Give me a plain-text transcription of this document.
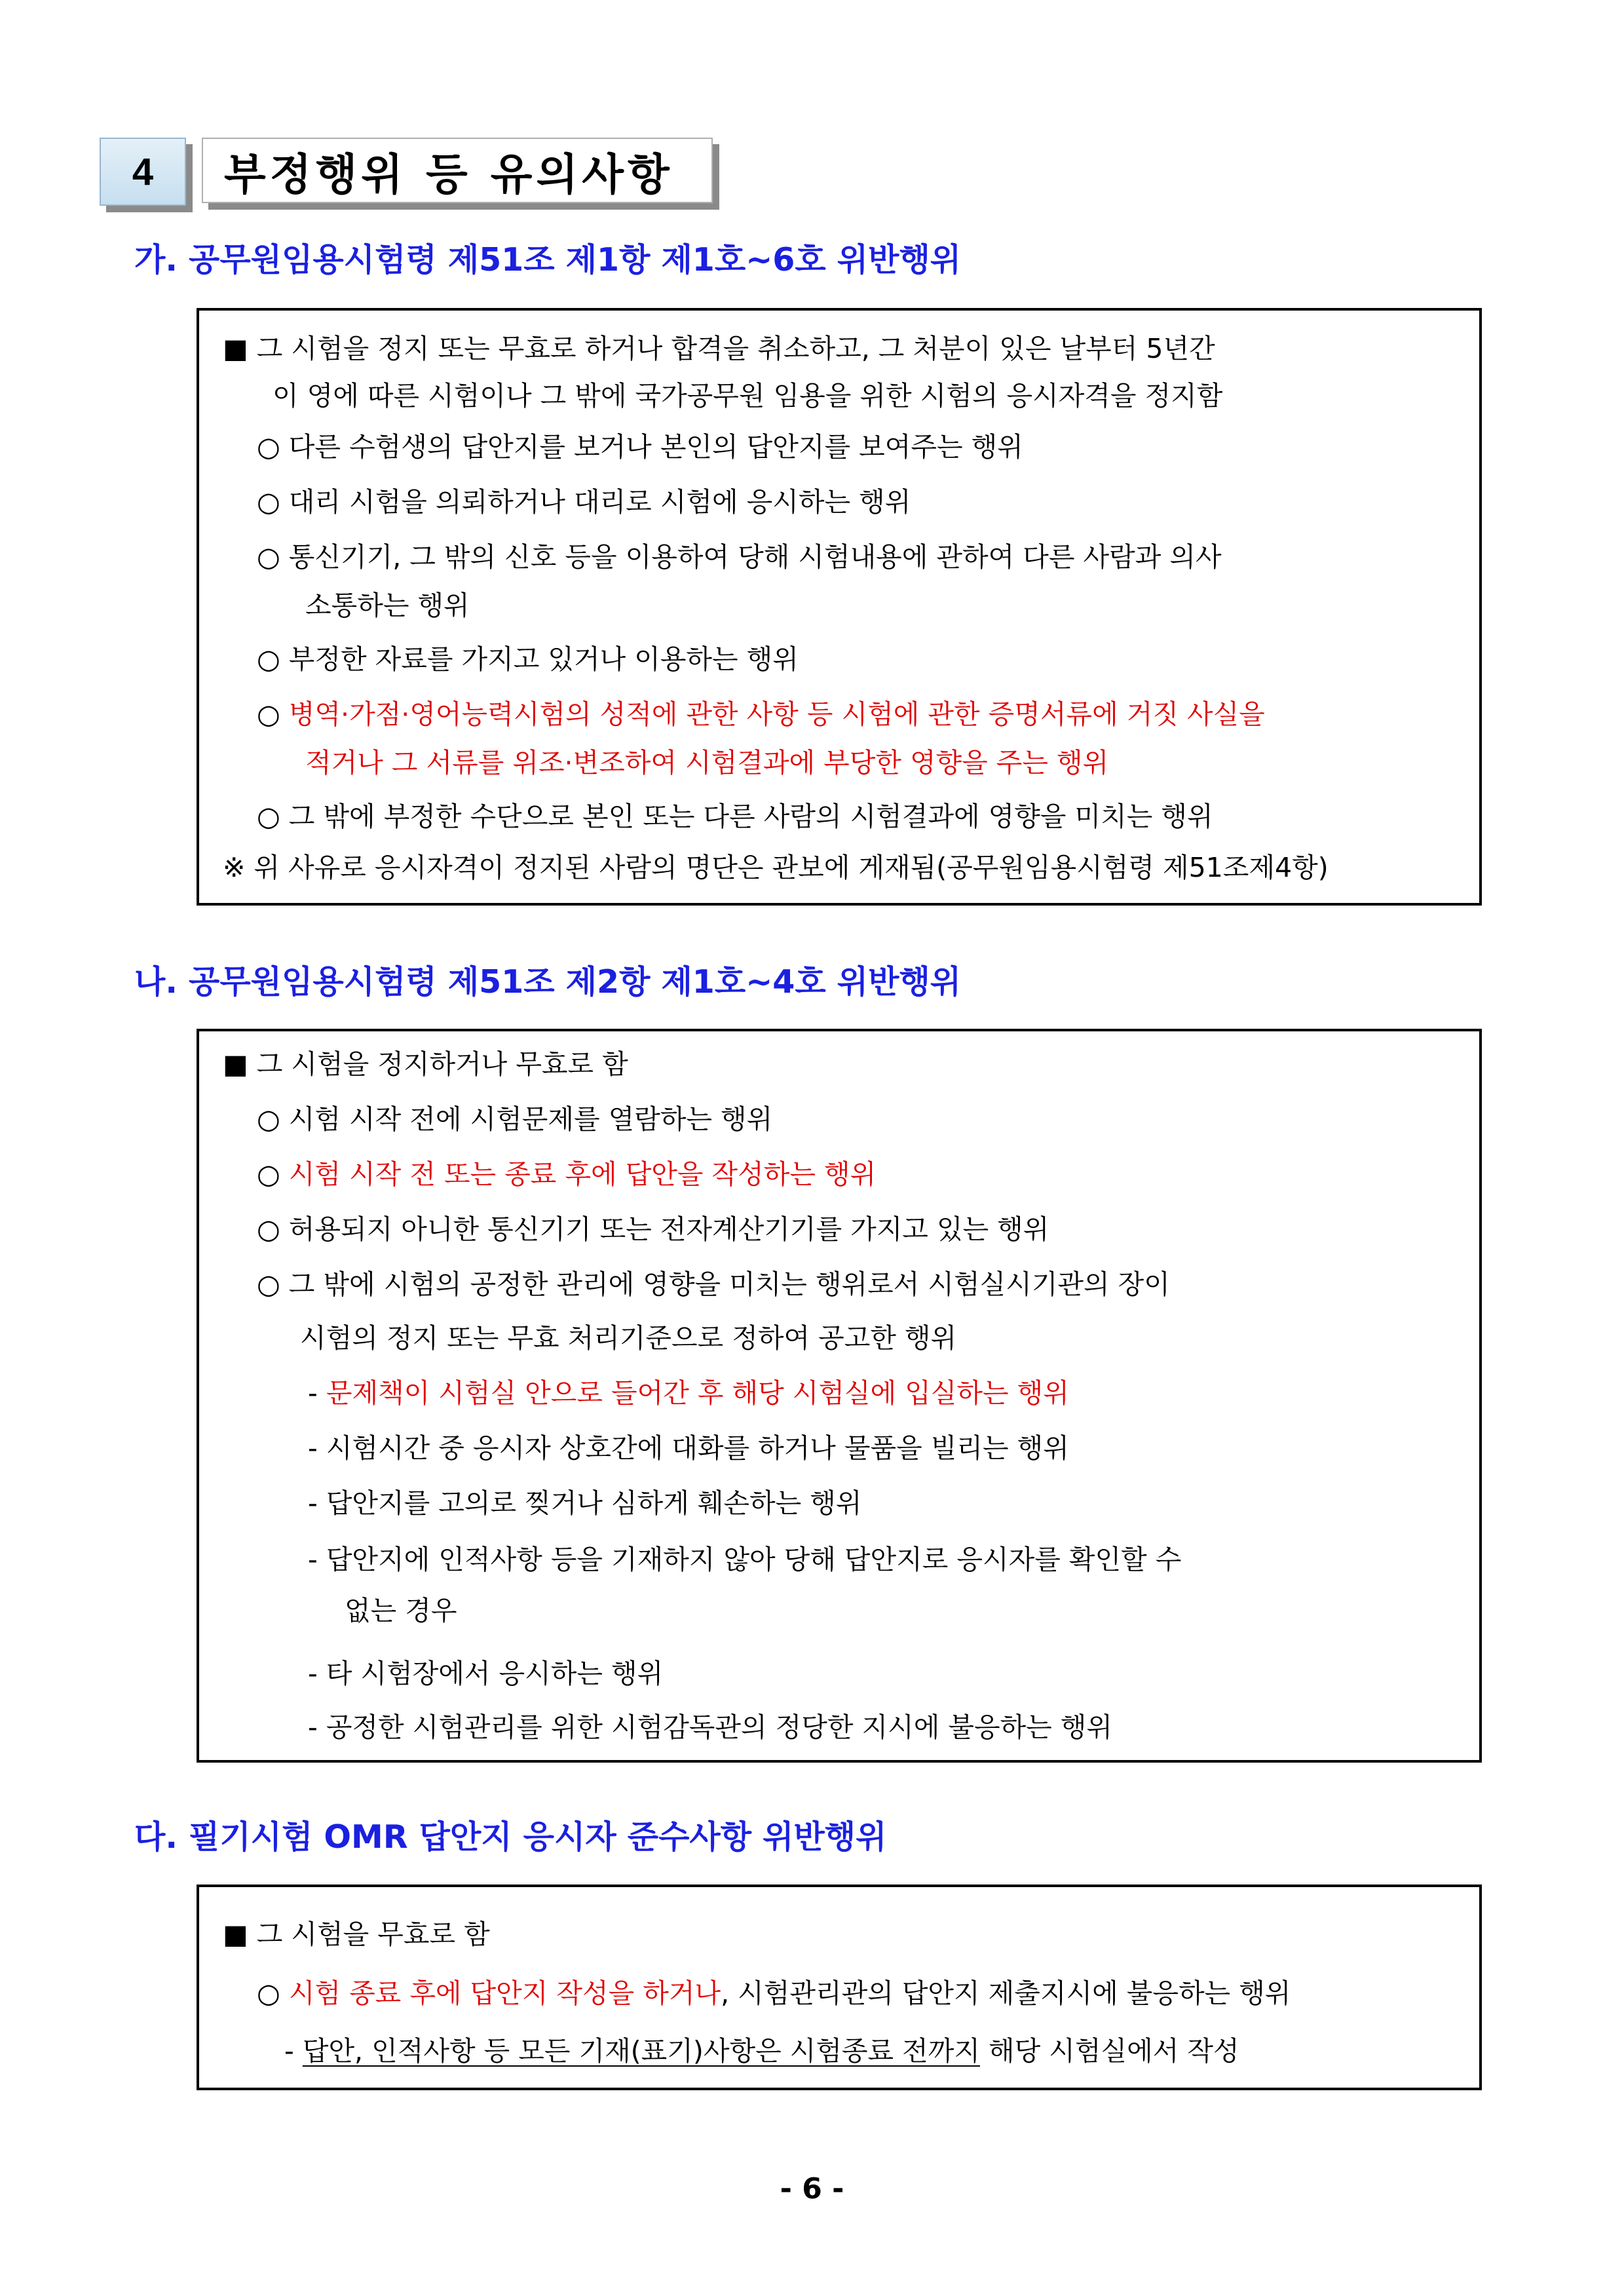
4	부정행위 등 유의사항
가. 공무원임용시험령 제51조 제1항 제1호~6호 위반행위
■ 그 시험을 정지 또는 무효로 하거나 합격을 취소하고, 그 처분이 있은 날부터 5년간
이 영에 따른 시험이나 그 밖에 국가공무원 임용을 위한 시험의 응시자격을 정지함
○ 다른 수험생의 답안지를 보거나 본인의 답안지를 보여주는 행위
○ 대리 시험을 의뢰하거나 대리로 시험에 응시하는 행위
○ 통신기기, 그 밖의 신호 등을 이용하여 당해 시험내용에 관하여 다른 사람과 의사
소통하는 행위
○ 부정한 자료를 가지고 있거나 이용하는 행위
○ 병역·가점·영어능력시험의 성적에 관한 사항 등 시험에 관한 증명서류에 거짓 사실을
적거나 그 서류를 위조·변조하여 시험결과에 부당한 영향을 주는 행위
○ 그 밖에 부정한 수단으로 본인 또는 다른 사람의 시험결과에 영향을 미치는 행위
※ 위 사유로 응시자격이 정지된 사람의 명단은 관보에 게재됨(공무원임용시험령 제51조제4항)
나. 공무원임용시험령 제51조 제2항 제1호~4호 위반행위
■ 그 시험을 정지하거나 무효로 함
○ 시험 시작 전에 시험문제를 열람하는 행위
○ 시험 시작 전 또는 종료 후에 답안을 작성하는 행위
○ 허용되지 아니한 통신기기 또는 전자계산기기를 가지고 있는 행위
○ 그 밖에 시험의 공정한 관리에 영향을 미치는 행위로서 시험실시기관의 장이
시험의 정지 또는 무효 처리기준으로 정하여 공고한 행위
- 문제책이 시험실 안으로 들어간 후 해당 시험실에 입실하는 행위
- 시험시간 중 응시자 상호간에 대화를 하거나 물품을 빌리는 행위
- 답안지를 고의로 찢거나 심하게 훼손하는 행위
- 답안지에 인적사항 등을 기재하지 않아 당해 답안지로 응시자를 확인할 수
없는 경우
- 타 시험장에서 응시하는 행위
- 공정한 시험관리를 위한 시험감독관의 정당한 지시에 불응하는 행위
다. 필기시험 OMR 답안지 응시자 준수사항 위반행위
■ 그 시험을 무효로 함
○ 시험 종료 후에 답안지 작성을 하거나, 시험관리관의 답안지 제출지시에 불응하는 행위
- 답안, 인적사항 등 모든 기재(표기)사항은 시험종료 전까지 해당 시험실에서 작성
- 6 -
